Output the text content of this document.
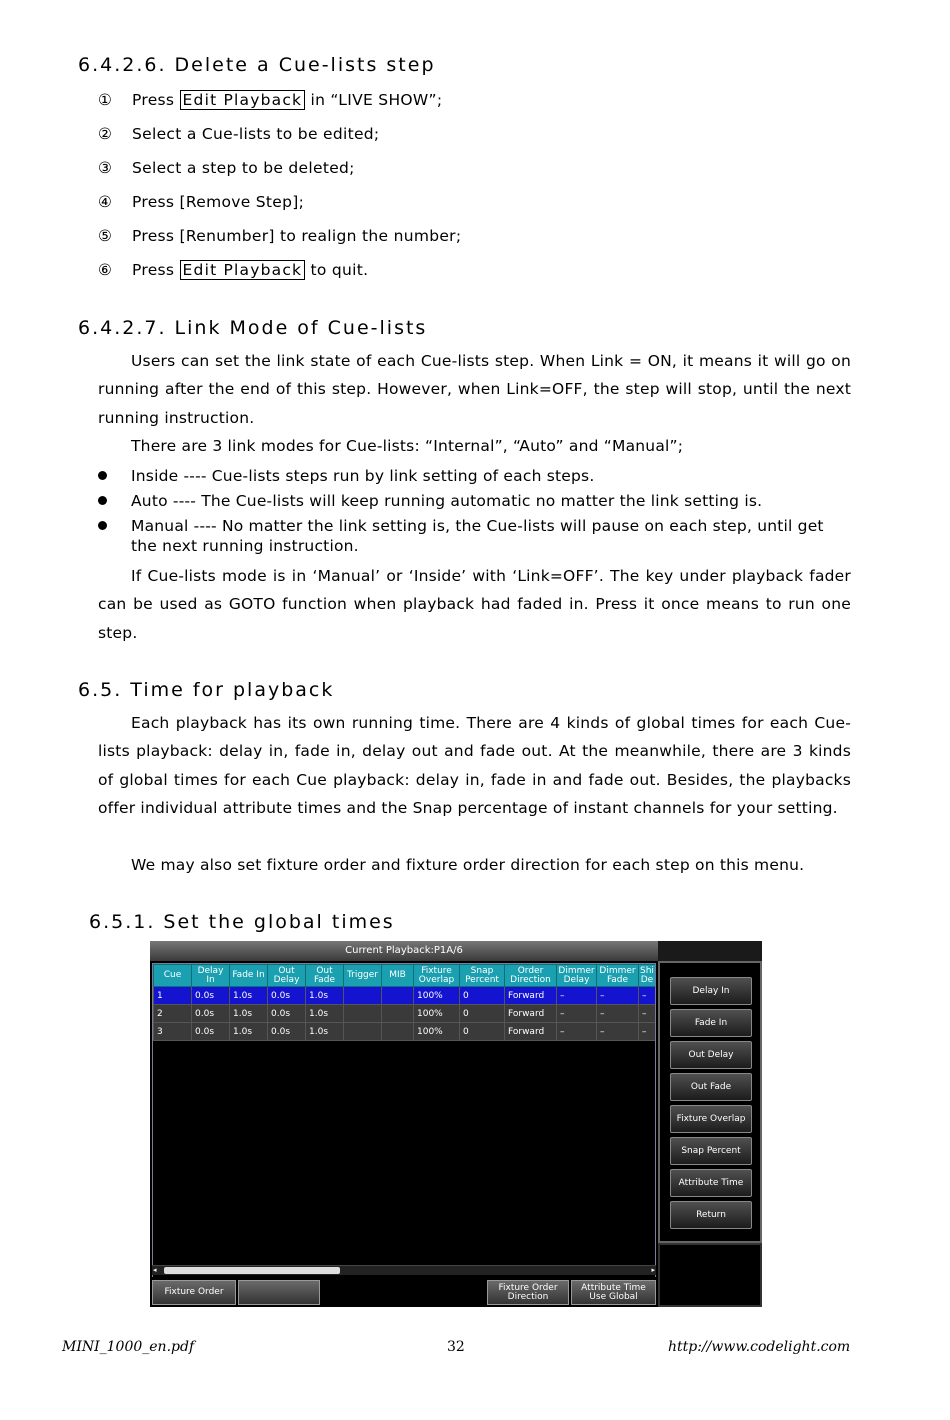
6.4.2.6. Delete a Cue-lists step
① Press Edit Playback in “LIVE SHOW”;
② Select a Cue-lists to be edited;
③ Select a step to be deleted;
④ Press [Remove Step];
⑤ Press [Renumber] to realign the number;
⑥ Press Edit Playback to quit.
6.4.2.7. Link Mode of Cue-lists
Users can set the link state of each Cue-lists step. When Link = ON, it means it will go on running after the end of this step. However, when Link=OFF, the step will stop, until the next running instruction.
There are 3 link modes for Cue-lists: “Internal”, “Auto” and “Manual”;
Inside ---- Cue-lists steps run by link setting of each steps.
Auto ---- The Cue-lists will keep running automatic no matter the link setting is.
Manual ---- No matter the link setting is, the Cue-lists will pause on each step, until get the next running instruction.
If Cue-lists mode is in ‘Manual’ or ‘Inside’ with ‘Link=OFF’. The key under playback fader can be used as GOTO function when playback had faded in. Press it once means to run one step.
6.5. Time for playback
Each playback has its own running time. There are 4 kinds of global times for each Cue-lists playback: delay in, fade in, delay out and fade out. At the meanwhile, there are 3 kinds of global times for each Cue playback: delay in, fade in and fade out. Besides, the playbacks offer individual attribute times and the Snap percentage of instant channels for your setting.
We may also set fixture order and fixture order direction for each step on this menu.
6.5.1. Set the global times
Current Playback:P1A/6
Cue	Delay In	Fade In	Out Delay	Out Fade	Trigger	MIB	Fixture Overlap	Snap Percent	Order Direction	Dimmer Delay	Dimmer Fade	Shi De
1	0.0s	1.0s	0.0s	1.0s			100%	0	Forward	–	–	–
2	0.0s	1.0s	0.0s	1.0s			100%	0	Forward	–	–	–
3	0.0s	1.0s	0.0s	1.0s			100%	0	Forward	–	–	–
◂	▸
Delay In
Fade In
Out Delay
Out Fade
Fixture Overlap
Snap Percent
Attribute Time
Return
Fixture Order	Fixture Order Direction
Attribute Time Use Global
MINI_1000_en.pdf	32	http://www.codelight.com
